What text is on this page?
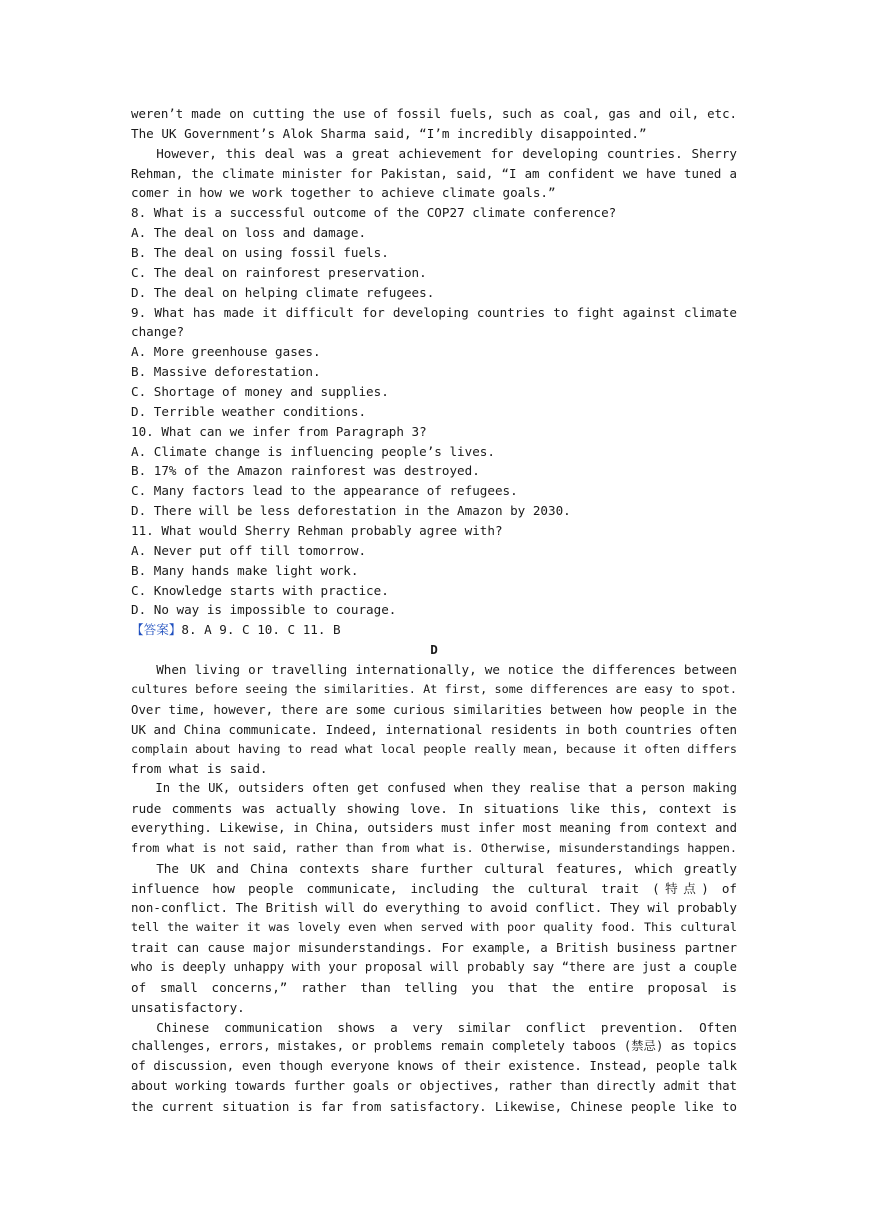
weren’t made on cutting the use of fossil fuels, such as coal, gas and oil, etc.
The UK Government’s Alok Sharma said, “I’m incredibly disappointed.”
However, this deal was a great achievement for developing countries. Sherry
Rehman, the climate minister for Pakistan, said, “I am confident we have tuned a
comer in how we work together to achieve climate goals.”
8. What is a successful outcome of the COP27 climate conference?
A. The deal on loss and damage.
B. The deal on using fossil fuels.
C. The deal on rainforest preservation.
D. The deal on helping climate refugees.
9. What has made it difficult for developing countries to fight against climate
change?
A. More greenhouse gases.
B. Massive deforestation.
C. Shortage of money and supplies.
D. Terrible weather conditions.
10. What can we infer from Paragraph 3?
A. Climate change is influencing people’s lives.
B. 17% of the Amazon rainforest was destroyed.
C. Many factors lead to the appearance of refugees.
D. There will be less deforestation in the Amazon by 2030.
11. What would Sherry Rehman probably agree with?
A. Never put off till tomorrow.
B. Many hands make light work.
C. Knowledge starts with practice.
D. No way is impossible to courage.
【答案】8. A 9. C 10. C 11. B
D
When living or travelling internationally, we notice the differences between
cultures before seeing the similarities. At first, some differences are easy to spot.
Over time, however, there are some curious similarities between how people in the
UK and China communicate. Indeed, international residents in both countries often
complain about having to read what local people really mean, because it often differs
from what is said.
In the UK, outsiders often get confused when they realise that a person making
rude comments was actually showing love. In situations like this, context is
everything. Likewise, in China, outsiders must infer most meaning from context and
from what is not said, rather than from what is. Otherwise, misunderstandings happen.
The UK and China contexts share further cultural features, which greatly
influence how people communicate, including the cultural trait (特点) of
non-conflict. The British will do everything to avoid conflict. They wil probably
tell the waiter it was lovely even when served with poor quality food. This cultural
trait can cause major misunderstandings. For example, a British business partner
who is deeply unhappy with your proposal will probably say “there are just a couple
of small concerns,” rather than telling you that the entire proposal is
unsatisfactory.
Chinese communication shows a very similar conflict prevention. Often
challenges, errors, mistakes, or problems remain completely taboos (禁忌) as topics
of discussion, even though everyone knows of their existence. Instead, people talk
about working towards further goals or objectives, rather than directly admit that
the current situation is far from satisfactory. Likewise, Chinese people like to
